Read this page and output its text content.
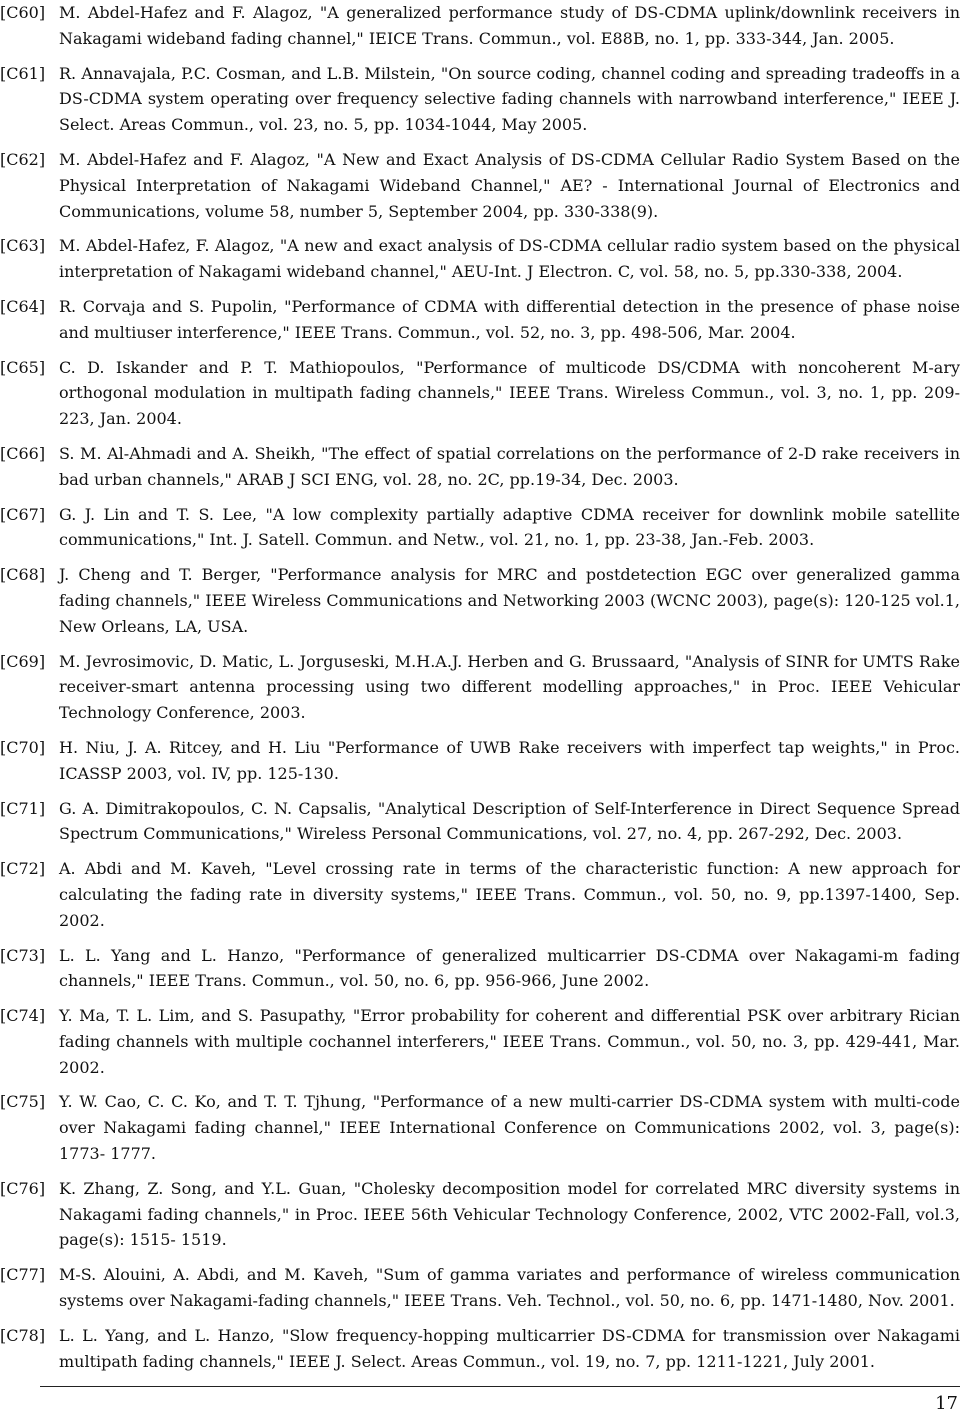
[C60] M. Abdel-Hafez and F. Alagoz, "A generalized performance study of DS-CDMA uplink/downlink receivers in Nakagami wideband fading channel," IEICE Trans. Commun., vol. E88B, no. 1, pp. 333-344, Jan. 2005.
[C61] R. Annavajala, P.C. Cosman, and L.B. Milstein, "On source coding, channel coding and spreading tradeoffs in a DS-CDMA system operating over frequency selective fading channels with narrowband interference," IEEE J. Select. Areas Commun., vol. 23, no. 5, pp. 1034-1044, May 2005.
[C62] M. Abdel-Hafez and F. Alagoz, "A New and Exact Analysis of DS-CDMA Cellular Radio System Based on the Physical Interpretation of Nakagami Wideband Channel," AE? - International Journal of Electronics and Communications, volume 58, number 5, September 2004, pp. 330-338(9).
[C63] M. Abdel-Hafez, F. Alagoz, "A new and exact analysis of DS-CDMA cellular radio system based on the physical interpretation of Nakagami wideband channel," AEU-Int. J Electron. C, vol. 58, no. 5, pp.330-338, 2004.
[C64] R. Corvaja and S. Pupolin, "Performance of CDMA with differential detection in the presence of phase noise and multiuser interference," IEEE Trans. Commun., vol. 52, no. 3, pp. 498-506, Mar. 2004.
[C65] C. D. Iskander and P. T. Mathiopoulos, "Performance of multicode DS/CDMA with noncoherent M-ary orthogonal modulation in multipath fading channels," IEEE Trans. Wireless Commun., vol. 3, no. 1, pp. 209-223, Jan. 2004.
[C66] S. M. Al-Ahmadi and A. Sheikh, "The effect of spatial correlations on the performance of 2-D rake receivers in bad urban channels," ARAB J SCI ENG, vol. 28, no. 2C, pp.19-34, Dec. 2003.
[C67] G. J. Lin and T. S. Lee, "A low complexity partially adaptive CDMA receiver for downlink mobile satellite communications," Int. J. Satell. Commun. and Netw., vol. 21, no. 1, pp. 23-38, Jan.-Feb. 2003.
[C68] J. Cheng and T. Berger, "Performance analysis for MRC and postdetection EGC over generalized gamma fading channels," IEEE Wireless Communications and Networking 2003 (WCNC 2003), page(s): 120-125 vol.1, New Orleans, LA, USA.
[C69] M. Jevrosimovic, D. Matic, L. Jorguseski, M.H.A.J. Herben and G. Brussaard, "Analysis of SINR for UMTS Rake receiver-smart antenna processing using two different modelling approaches," in Proc. IEEE Vehicular Technology Conference, 2003.
[C70] H. Niu, J. A. Ritcey, and H. Liu "Performance of UWB Rake receivers with imperfect tap weights," in Proc. ICASSP 2003, vol. IV, pp. 125-130.
[C71] G. A. Dimitrakopoulos, C. N. Capsalis, "Analytical Description of Self-Interference in Direct Sequence Spread Spectrum Communications," Wireless Personal Communications, vol. 27, no. 4, pp. 267-292, Dec. 2003.
[C72] A. Abdi and M. Kaveh, "Level crossing rate in terms of the characteristic function: A new approach for calculating the fading rate in diversity systems," IEEE Trans. Commun., vol. 50, no. 9, pp.1397-1400, Sep. 2002.
[C73] L. L. Yang and L. Hanzo, "Performance of generalized multicarrier DS-CDMA over Nakagami-m fading channels," IEEE Trans. Commun., vol. 50, no. 6, pp. 956-966, June 2002.
[C74] Y. Ma, T. L. Lim, and S. Pasupathy, "Error probability for coherent and differential PSK over arbitrary Rician fading channels with multiple cochannel interferers," IEEE Trans. Commun., vol. 50, no. 3, pp. 429-441, Mar. 2002.
[C75] Y. W. Cao, C. C. Ko, and T. T. Tjhung, "Performance of a new multi-carrier DS-CDMA system with multi-code over Nakagami fading channel," IEEE International Conference on Communications 2002, vol. 3, page(s): 1773- 1777.
[C76] K. Zhang, Z. Song, and Y.L. Guan, "Cholesky decomposition model for correlated MRC diversity systems in Nakagami fading channels," in Proc. IEEE 56th Vehicular Technology Conference, 2002, VTC 2002-Fall, vol.3, page(s): 1515- 1519.
[C77] M-S. Alouini, A. Abdi, and M. Kaveh, "Sum of gamma variates and performance of wireless communication systems over Nakagami-fading channels," IEEE Trans. Veh. Technol., vol. 50, no. 6, pp. 1471-1480, Nov. 2001.
[C78] L. L. Yang, and L. Hanzo, "Slow frequency-hopping multicarrier DS-CDMA for transmission over Nakagami multipath fading channels," IEEE J. Select. Areas Commun., vol. 19, no. 7, pp. 1211-1221, July 2001.
17
